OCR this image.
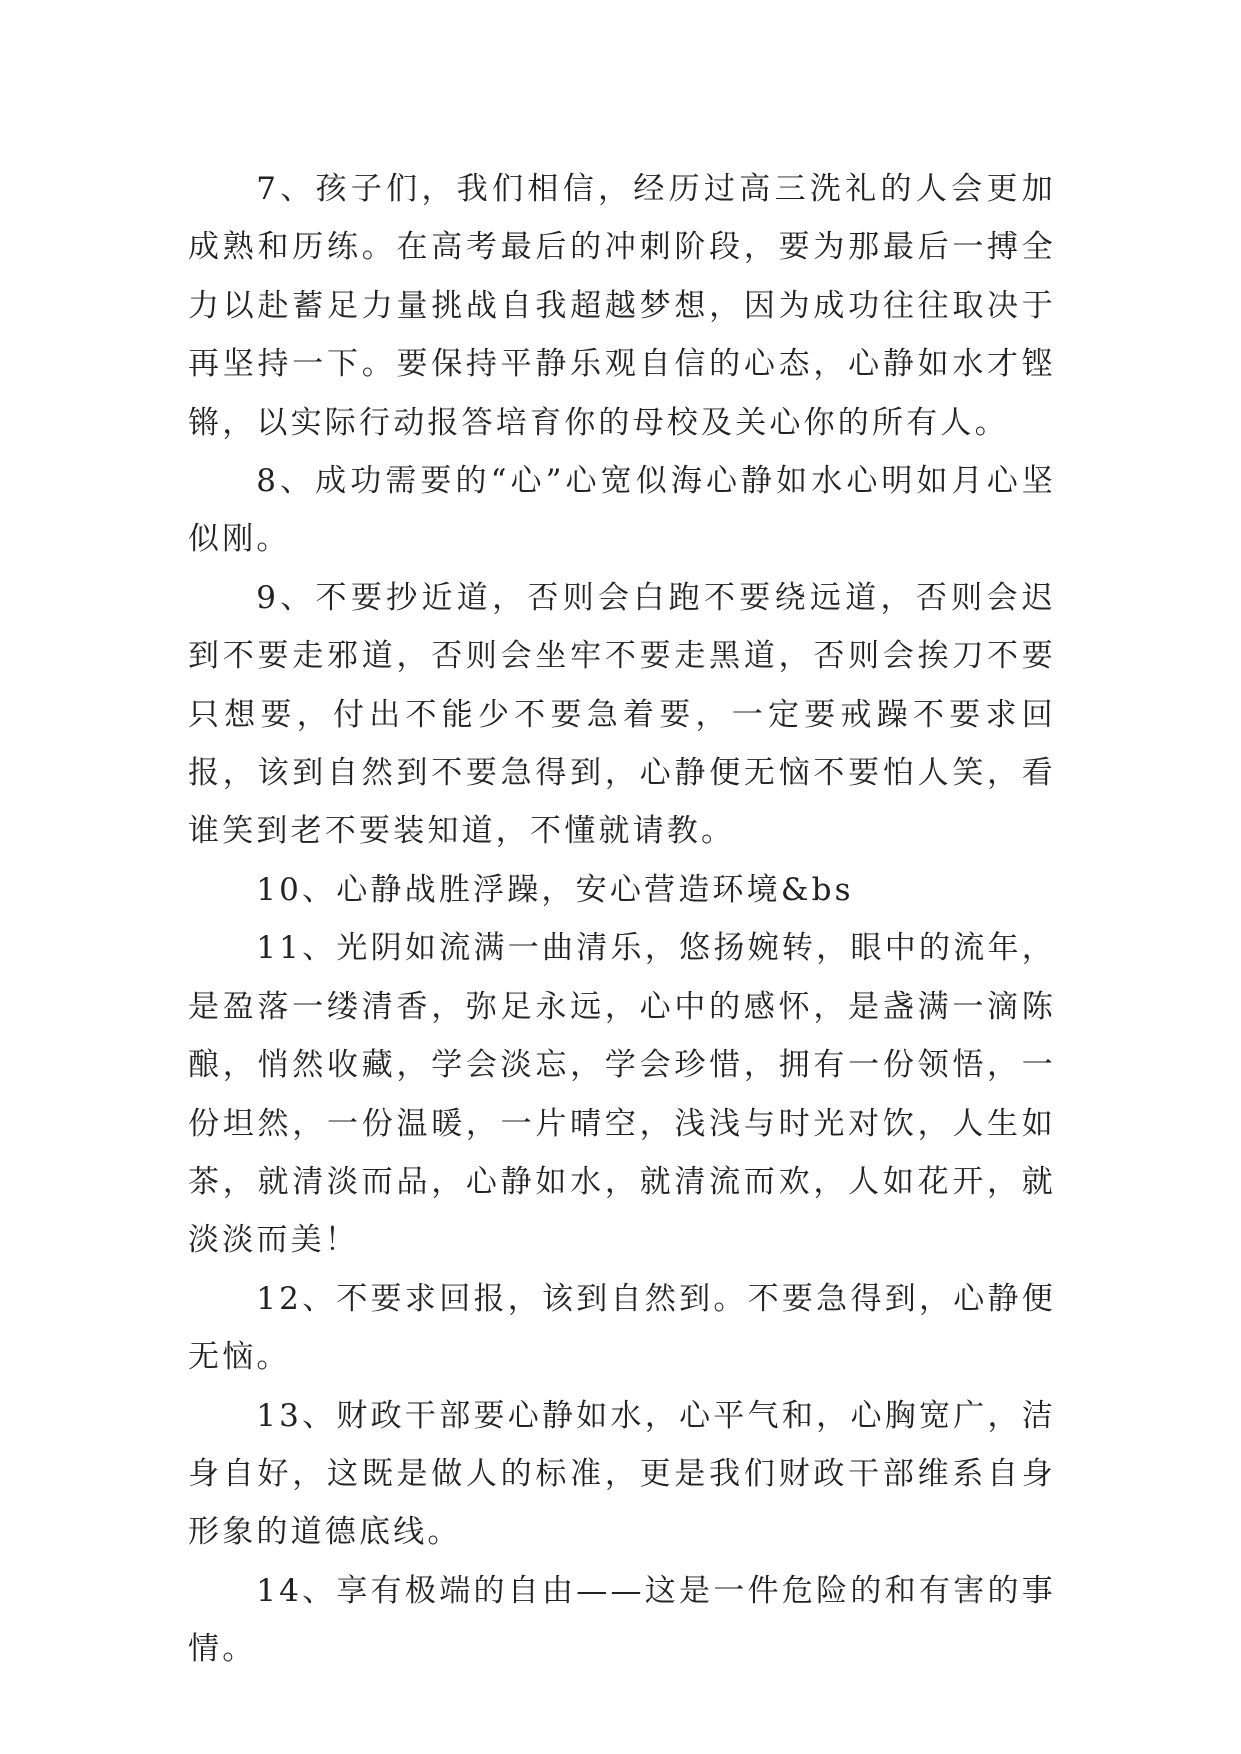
7、孩子们，我们相信，经历过高三洗礼的人会更加成熟和历练。在高考最后的冲刺阶段，要为那最后一搏全力以赴蓄足力量挑战自我超越梦想，因为成功往往取决于再坚持一下。要保持平静乐观自信的心态，心静如水才铿锵，以实际行动报答培育你的母校及关心你的所有人。

8、成功需要的“心”心宽似海心静如水心明如月心坚似刚。

9、不要抄近道，否则会白跑不要绕远道，否则会迟到不要走邪道，否则会坐牢不要走黑道，否则会挨刀不要只想要，付出不能少不要急着要，一定要戒躁不要求回报，该到自然到不要急得到，心静便无恼不要怕人笑，看谁笑到老不要装知道，不懂就请教。

10、心静战胜浮躁，安心营造环境&bs

11、光阴如流满一曲清乐，悠扬婉转，眼中的流年，是盈落一缕清香，弥足永远，心中的感怀，是盏满一滴陈酿，悄然收藏，学会淡忘，学会珍惜，拥有一份领悟，一份坦然，一份温暖，一片晴空，浅浅与时光对饮，人生如茶，就清淡而品，心静如水，就清流而欢，人如花开，就淡淡而美！

12、不要求回报，该到自然到。不要急得到，心静便无恼。

13、财政干部要心静如水，心平气和，心胸宽广，洁身自好，这既是做人的标准，更是我们财政干部维系自身形象的道德底线。

14、享有极端的自由——这是一件危险的和有害的事情。
